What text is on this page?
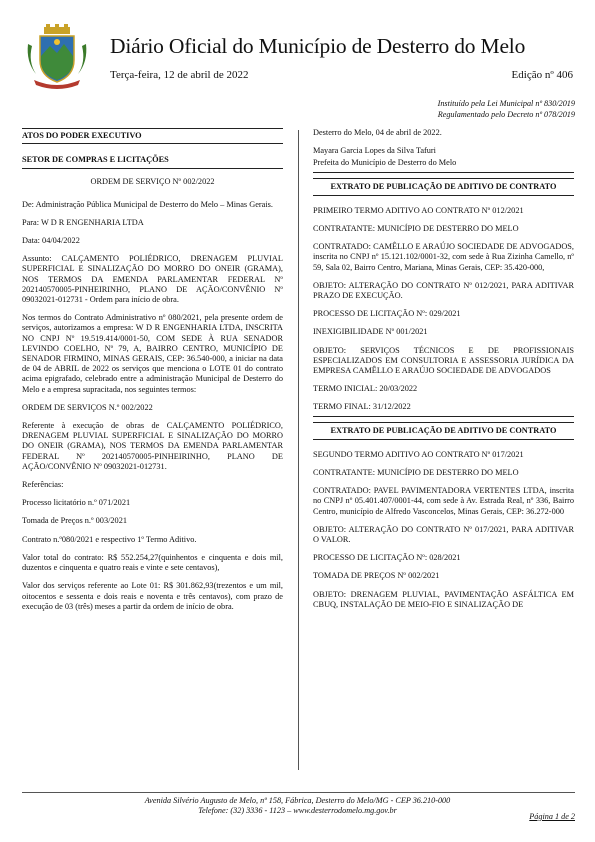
Diário Oficial do Município de Desterro do Melo
Terça-feira, 12 de abril de 2022	Edição nº 406
Instituído pela Lei Municipal nº 830/2019
Regulamentado pelo Decreto nº 078/2019

ATOS DO PODER EXECUTIVO

SETOR DE COMPRAS E LICITAÇÕES

ORDEM DE SERVIÇO Nº 002/2022

De: Administração Pública Municipal de Desterro do Melo – Minas Gerais.

Para: W D R ENGENHARIA LTDA

Data: 04/04/2022

Assunto: CALÇAMENTO POLIÉDRICO, DRENAGEM PLUVIAL SUPERFICIAL E SINALIZAÇÃO DO MORRO DO ONEIR (GRAMA), NOS TERMOS DA EMENDA PARLAMENTAR FEDERAL Nº 202140570005-PINHEIRINHO, PLANO DE AÇÃO/CONVÊNIO Nº 09032021-012731 - Ordem para início de obra.

Nos termos do Contrato Administrativo nº 080/2021, pela presente ordem de serviços, autorizamos a empresa: W D R ENGENHARIA LTDA, INSCRITA NO CNPJ Nº 19.519.414/0001-50, COM SEDE À RUA SENADOR LEVINDO COELHO, Nº 79, A, BAIRRO CENTRO, MUNICÍPIO DE SENADOR FIRMINO, MINAS GERAIS, CEP: 36.540-000, a iniciar na data de 04 de ABRIL de 2022 os serviços que menciona o LOTE 01 do contrato acima epigrafado, celebrado entre a administração Municipal de Desterro do Melo e a empresa supracitada, nos seguintes termos:

ORDEM DE SERVIÇOS N.º 002/2022

Referente à execução de obras de CALÇAMENTO POLIÉDRICO, DRENAGEM PLUVIAL SUPERFICIAL E SINALIZAÇÃO DO MORRO DO ONEIR (GRAMA), NOS TERMOS DA EMENDA PARLAMENTAR FEDERAL Nº 202140570005-PINHEIRINHO, PLANO DE AÇÃO/CONVÊNIO Nº 09032021-012731.

Referências:

Processo licitatório n.º 071/2021

Tomada de Preços n.º 003/2021

Contrato n.º080/2021 e respectivo 1º Termo Aditivo.

Valor total do contrato: R$ 552.254,27(quinhentos e cinquenta e dois mil, duzentos e cinquenta e quatro reais e vinte e sete centavos),

Valor dos serviços referente ao Lote 01: R$ 301.862,93(trezentos e um mil, oitocentos e sessenta e dois reais e noventa e três centavos), com prazo de execução de 03 (três) meses a partir da ordem de início de obra.

Desterro do Melo, 04 de abril de 2022.

Mayara Garcia Lopes da Silva Tafuri

Prefeita do Município de Desterro do Melo

EXTRATO DE PUBLICAÇÃO DE ADITIVO DE CONTRATO

PRIMEIRO TERMO ADITIVO AO CONTRATO Nº 012/2021

CONTRATANTE: MUNICÍPIO DE DESTERRO DO MELO

CONTRATADO: CAMÊLLO E ARAÚJO SOCIEDADE DE ADVOGADOS, inscrita no CNPJ nº 15.121.102/0001-32, com sede à Rua Zizinha Camello, nº 59, Sala 02, Bairro Centro, Mariana, Minas Gerais, CEP: 35.420-000,

OBJETO: ALTERAÇÃO DO CONTRATO Nº 012/2021, PARA ADITIVAR PRAZO DE EXECUÇÃO.

PROCESSO DE LICITAÇÃO Nº: 029/2021

INEXIGIBILIDADE Nº 001/2021

OBJETO: SERVIÇOS TÉCNICOS E DE PROFISSIONAIS ESPECIALIZADOS EM CONSULTORIA E ASSESSORIA JURÍDICA DA EMPRESA CAMÊLLO E ARAÚJO SOCIEDADE DE ADVOGADOS

TERMO INICIAL: 20/03/2022

TERMO FINAL: 31/12/2022

EXTRATO DE PUBLICAÇÃO DE ADITIVO DE CONTRATO

SEGUNDO TERMO ADITIVO AO CONTRATO Nº 017/2021

CONTRATANTE: MUNICÍPIO DE DESTERRO DO MELO

CONTRATADO: PAVEL PAVIMENTADORA VERTENTES LTDA, inscrita no CNPJ nº 05.401.407/0001-44, com sede à Av. Estrada Real, nº 336, Bairro Centro, município de Alfredo Vasconcelos, Minas Gerais, CEP: 36.272-000

OBJETO: ALTERAÇÃO DO CONTRATO Nº 017/2021, PARA ADITIVAR O VALOR.

PROCESSO DE LICITAÇÃO Nº: 028/2021

TOMADA DE PREÇOS Nº 002/2021

OBJETO: DRENAGEM PLUVIAL, PAVIMENTAÇÃO ASFÁLTICA EM CBUQ, INSTALAÇÃO DE MEIO-FIO E SINALIZAÇÃO DE

Avenida Silvério Augusto de Melo, nº 158, Fábrica, Desterro do Melo/MG - CEP 36.210-000
Telefone: (32) 3336 - 1123 – www.desterrodomelo.mg.gov.br
Página 1 de 2
